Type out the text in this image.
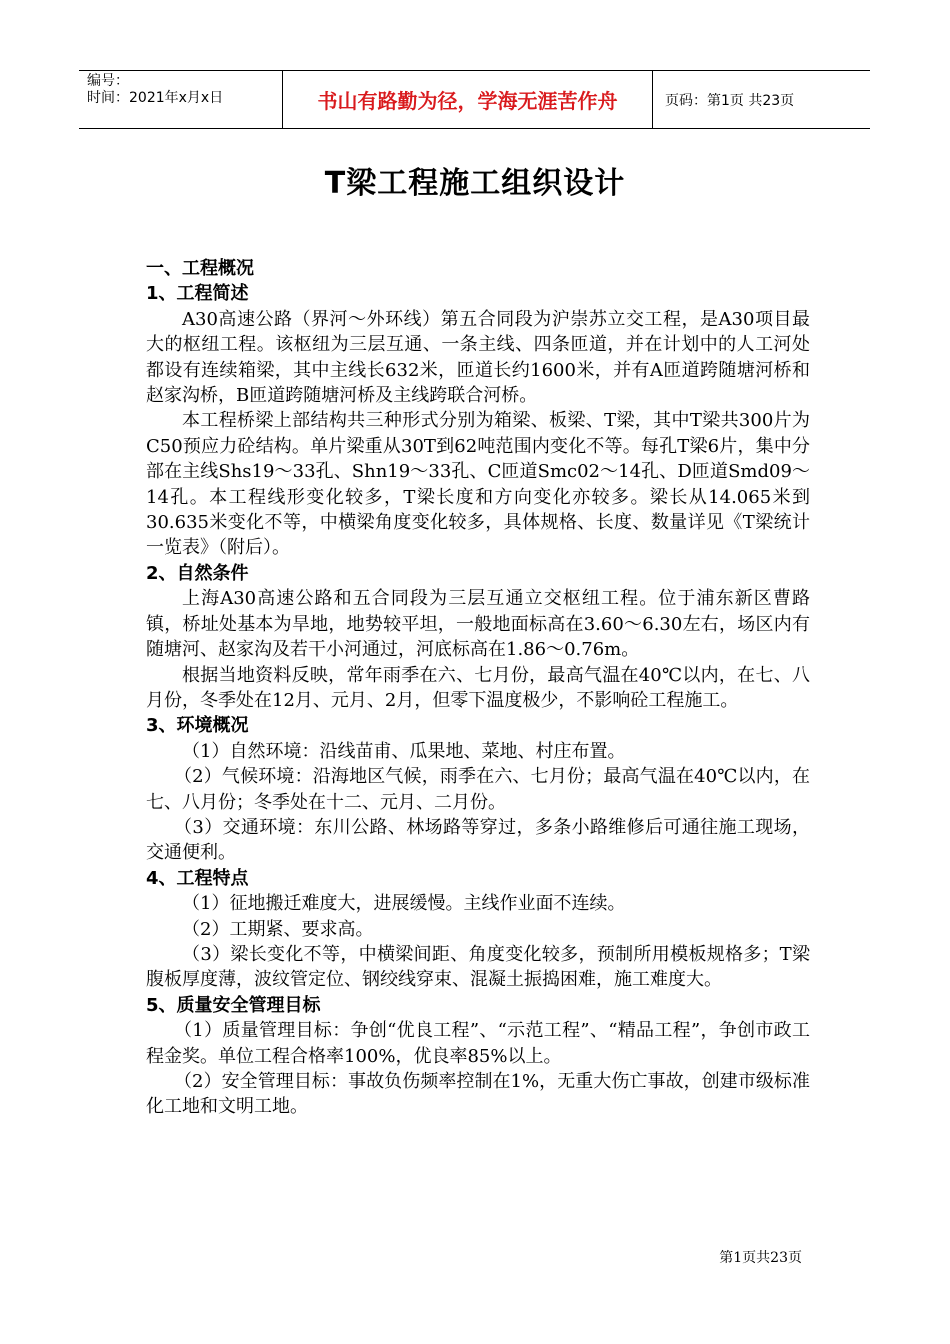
编号：
时间：2021年x月x日	书山有路勤为径，学海无涯苦作舟	页码：第1页 共23页
T梁工程施工组织设计
一、工程概况
1、工程简述
A30高速公路（界河～外环线）第五合同段为沪崇苏立交工程，是A30项目最大的枢纽工程。该枢纽为三层互通、一条主线、四条匝道，并在计划中的人工河处都设有连续箱梁，其中主线长632米，匝道长约1600米，并有A匝道跨随塘河桥和赵家沟桥，B匝道跨随塘河桥及主线跨联合河桥。
本工程桥梁上部结构共三种形式分别为箱梁、板梁、T梁，其中T梁共300片为C50预应力砼结构。单片梁重从30T到62吨范围内变化不等。每孔T梁6片，集中分部在主线Shs19～33孔、Shn19～33孔、C匝道Smc02～14孔、D匝道Smd09～14孔。本工程线形变化较多，T梁长度和方向变化亦较多。梁长从14.065米到30.635米变化不等，中横梁角度变化较多，具体规格、长度、数量详见《T梁统计一览表》（附后）。
2、自然条件
上海A30高速公路和五合同段为三层互通立交枢纽工程。位于浦东新区曹路镇，桥址处基本为旱地，地势较平坦，一般地面标高在3.60～6.30左右，场区内有随塘河、赵家沟及若干小河通过，河底标高在1.86～0.76m。
根据当地资料反映，常年雨季在六、七月份，最高气温在40℃以内，在七、八月份，冬季处在12月、元月、2月，但零下温度极少，不影响砼工程施工。
3、环境概况
（1）自然环境：沿线苗甫、瓜果地、菜地、村庄布置。
（2）气候环境：沿海地区气候，雨季在六、七月份；最高气温在40℃以内，在七、八月份；冬季处在十二、元月、二月份。
（3）交通环境：东川公路、林场路等穿过，多条小路维修后可通往施工现场，交通便利。
4、工程特点
（1）征地搬迁难度大，进展缓慢。主线作业面不连续。
（2）工期紧、要求高。
（3）梁长变化不等，中横梁间距、角度变化较多，预制所用模板规格多；T梁腹板厚度薄，波纹管定位、钢绞线穿束、混凝土振捣困难，施工难度大。
5、质量安全管理目标
（1）质量管理目标：争创“优良工程”、“示范工程”、“精品工程”，争创市政工程金奖。单位工程合格率100%，优良率85%以上。
（2）安全管理目标：事故负伤频率控制在1%，无重大伤亡事故，创建市级标准化工地和文明工地。
第1页共23页
